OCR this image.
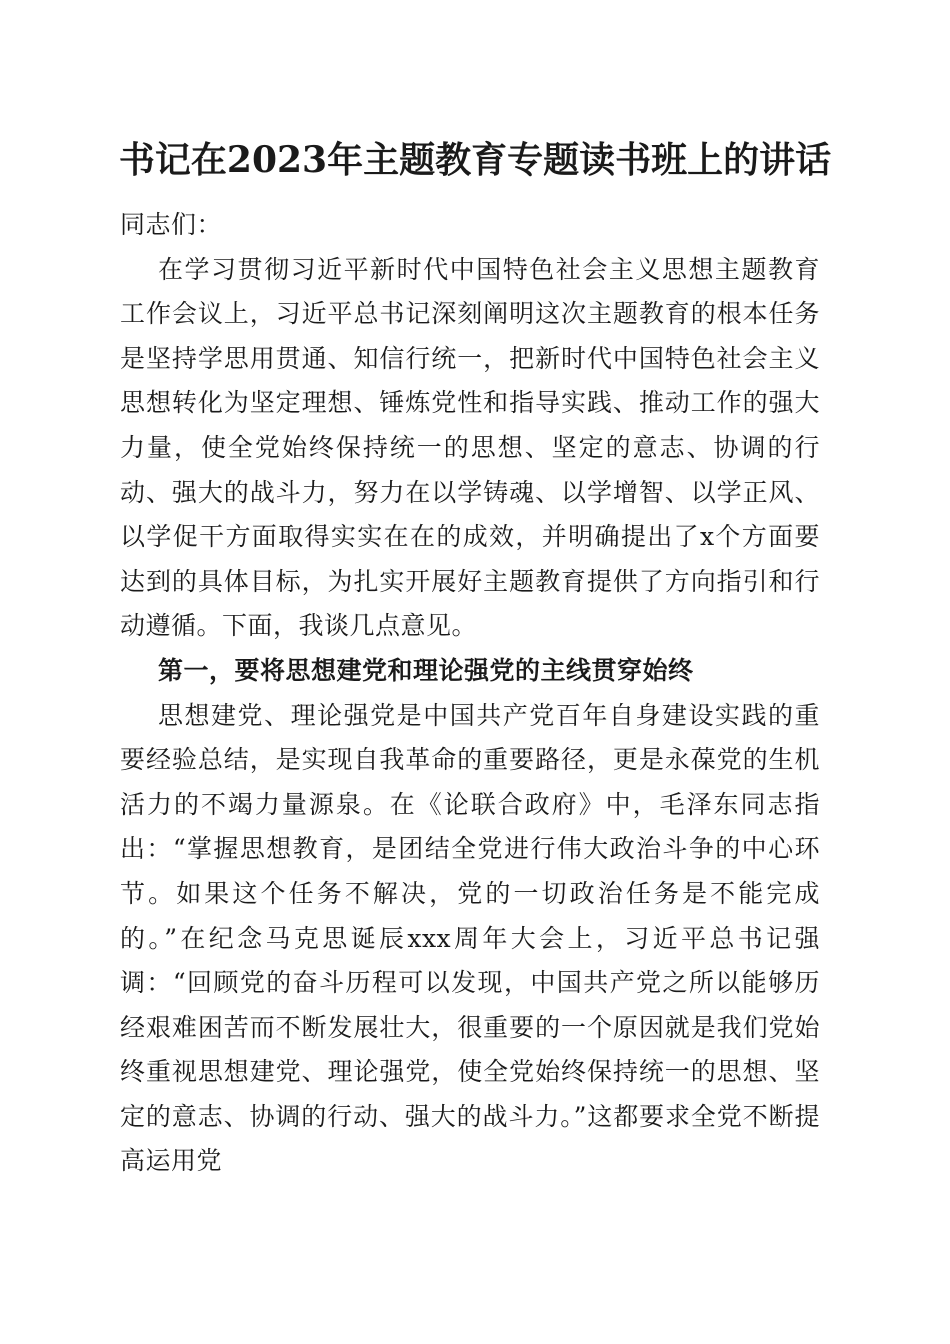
书记在2023年主题教育专题读书班上的讲话

同志们：

在学习贯彻习近平新时代中国特色社会主义思想主题教育工作会议上，习近平总书记深刻阐明这次主题教育的根本任务是坚持学思用贯通、知信行统一，把新时代中国特色社会主义思想转化为坚定理想、锤炼党性和指导实践、推动工作的强大力量，使全党始终保持统一的思想、坚定的意志、协调的行动、强大的战斗力，努力在以学铸魂、以学增智、以学正风、以学促干方面取得实实在在的成效，并明确提出了x个方面要达到的具体目标，为扎实开展好主题教育提供了方向指引和行动遵循。下面，我谈几点意见。

第一，要将思想建党和理论强党的主线贯穿始终

思想建党、理论强党是中国共产党百年自身建设实践的重要经验总结，是实现自我革命的重要路径，更是永葆党的生机活力的不竭力量源泉。在《论联合政府》中，毛泽东同志指出：“掌握思想教育，是团结全党进行伟大政治斗争的中心环节。如果这个任务不解决，党的一切政治任务是不能完成的。”在纪念马克思诞辰xxx周年大会上，习近平总书记强调：“回顾党的奋斗历程可以发现，中国共产党之所以能够历经艰难困苦而不断发展壮大，很重要的一个原因就是我们党始终重视思想建党、理论强党，使全党始终保持统一的思想、坚定的意志、协调的行动、强大的战斗力。”这都要求全党不断提高运用党
